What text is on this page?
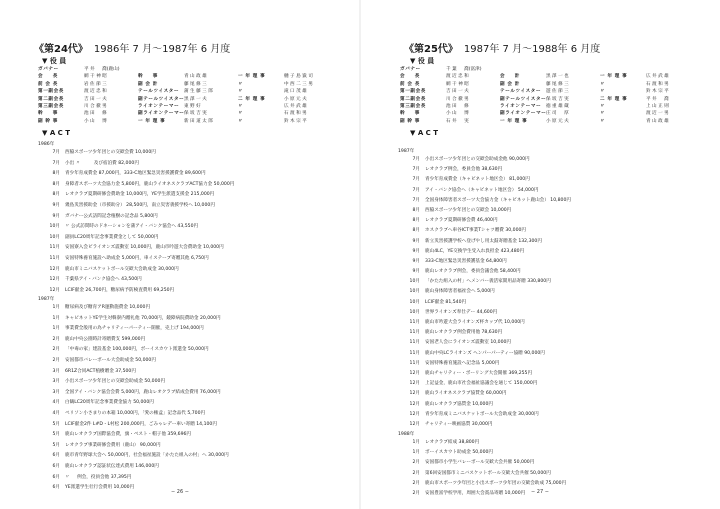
《第24代》 1986年 7 月～1987年 6 月度
▼ 役 員
ガバナー	平 井 　 喬(鹿山)
会 　 長	網 干 神 昭	幹 　 事	青 山 政 雄	一 年 理 事	樋 子 島 嶽 司
前 会 長	岩 佐 節 三	副 会 計	藤 尾 修 三	〃	中 西 二 三 男
第一副会長	渡 辺 忠 和	テールツイスター	蒲 生 藤 三 郎	〃	滝 口 茂 雄
第二副会長	吉 田 一 夫	副テールツイスター 黒 澤 一 夫	二 年 理 事	小 原 元 夫
第三副会長	川 合 徹 男	ライオンテーマー	東 野 好	〃	広 井 武 雄
幹 　 事	池 田 　 修	副ライオンテーマー 保 坂 吉 実	〃	石 渡 和 男
副 幹 事	小 山 　 博	一 年 理 事	新 田 道 太 郎	〃	鈴 木 宗 平
▼ A C T
1986年
7月	西脇スポーツ少年団との交歓会費 10,000円
7月	小出 〃 　 　 及び宿泊費 82,000円
8月	青少年育成費金 87,000円，333-C地区緊急災害援護費金 89,600円
8月	身障者スポーツ大会協力金 5,800円，鹿山ライオネスクラブACT協力金 50,000円
8月	レオクラブ夏期研修会費助金 10,000円，YE学生派遣支援金 215,000円
9月	幾島災害援助金（市援助分） 28,500円，南立災害義援学校へ 10,000円
9月	ガバナー公式訪問記念植樹の記念品 5,800円
10月	〃 公式訪問時のドネーションを蒲アイ・バンク協会へ 43,550円
10月	副員LC20周年記念事業費金として 50,000円
11月	安国寮入会ビライオンズ震動室 10,000円，鹿山市吟遊大会費助金 10,000円
11月	安国特殊養育施設へ助成金 5,000円，車イステーブ寄贈其他 6,750円
12月	鹿山市ミニバスケットボール交歓大会助成金 30,000円
12月	千葉県アイ・バンク協会へ 43,500円
12月	LCIF献金 26,700円，糖尿病予防検査費用 69,250円
1987年
1月	糖尿病及び糖育アR運動施費金 10,000円
1月	キャピネットYE学生対韓寮内贈礼他 70,000円，鏡障病院費助金 20,000円
1月	事業費全般用の為チャリティーパーティー開催，売上げ 194,000円
2月	鹿山中央公園時計寄贈費支 599,000円
2月	「中毒の家」建設基金 100,000円，ボーイスカウト派遣金 50,000円
2月	安国都市バレーボール大会助成金 50,000円
3月	6R1Z合同ACT植樹贈金 37,500円
3月	小出スポーツ少年団との交歓会助成金 50,000円
3月	全国アイ・バンク協会会費 5,000円，鹿山レオクラブ結成会費用 76,000円
4月	白鶴LC20周年記念事業費金協力 50,000円
4月	ペリソン小さまりの本箱 10,000円，「愛の権盒」記念品代 5,700円
5月	LCIF献金2件 L#D・L村松 200,000円，ごみゃレデー車い寄贈 14,100円
5月	鹿山レオクラブ国際協会費，旗・ベスト・帽子他 359,696円
5月	レオクラブ事業研修会費用（鹿山） 90,000円
6月	鹿市青年野球大会へ 50,000円，社会福祉施設「かたた組入の村」へ 30,000円
6月	鹿山レオクラブ認証状伝達式費用 146,000円
6月	〃 　 例会，役員会他 37,395円
6月	YE派遣学生壮行会費用 10,000円
− 26 −
《第25代》 1987年 7 月～1988年 6 月度
▼ 役 員
ガバナー	千 葉 　 喬(富津)
会 　 長	渡 辺 忠 和	会 　 計	黒 澤 一 也	一 年 理 事	広 井 武 雄
前 会 長	網 干 神 昭	副 会 計	藤 尾 修 三	〃	石 渡 和 男
第一副会長	吉 田 一 夫	テールツイスター	遊 佐 節 三	〃	鈴 木 宗 平
第二副会長	川 合 徹 男	副テールツイスター 保 坂 吉 実	二 年 理 事	平 井 　 喬
第三副会長	池 田 　 修	ライオンテーマー	徳 重 雄 蔵	〃	上 山 正 則
幹 　 事	小 山 　 博	副ライオンテーマー 庄 司 　 厚	〃	渡 辺 一 男
副 幹 事	石 井 　 実	一 年 理 事	小 原 元 夫	〃	青 山 政 雄
▼ A C T
1987年
7月	小出スポーツ少年団との交歓会助成金他 90,000円
7月	レオクラブ例会，委員会他 38,630円
7月	青少年育成費金（キャビネット地区会） 81,000円
7月	アイ・バンク協会へ（キャビネット地区会） 54,000円
7月	全国身体障害者スポーツ大会協力金（キャビネット鹿山会） 10,800円
8月	西脇スポーツ少年団との交歓会 10,000円
8月	レオクラブ夏期研修会費 46,400円
8月	ホスクラブへ車谷ICT事業Tシャツ贈費 30,000円
9月	新立災害援護学校へ登げやし用太鼓寄贈基金 132,300円
9月	鹿山4LC，YE交換学生受入れ負担金 423,480円
9月	333-C地区緊急災害援護基金 64,800円
9月	鹿山レオクラブ例会，委員会議会他 58,400円
10月	「かたた組入の村」へメンバー義活家閑用品寄贈 330,800円
10月	鹿山身体障害者福祉会へ 5,000円
10月	LCIF献金 81,540円
10月	世界ライオンズ奉仕デー 44,600円
11月	鹿山市吟遊大会ライオンズ杯カップ代 10,000円
11月	鹿山レオクラブ例会費用他 78,630円
11月	安国老人会にライオンズ震動室 10,000円
11月	鹿山中央LCライオンズ ヘンパーパーティー協贈 90,000円
11月	安国特殊養育施設へ記念品 5,000円
12月	鹿山チャリティー・ボーリング大会開催 369,255円
12月	上記益金，鹿山市社会福祉協議会を通じて 150,000円
12月	鹿山ライオネスクラブ協賛金 60,000円
12月	鹿山レオクラブ協賛金 10,000円
12月	青少年育成ミニバスケットボール大会助成金 30,000円
12月	チャリティー映画協賛 30,000円
1988年
1月	レオクラブ結成 38,800円
1月	ボーイスカウト助成金 50,000円
2月	安国都市小学生バレーボール交歓大会共催 50,000円
2月	第6回安国都市ミニバスケットボール交歓大会共催 50,000円
2月	鹿山市スポーツ少年団と小出スポーツ少年団の交歓会助成 75,000円
2月	安国豊富学校学用，周囲大会賞品寄贈 10,000円	− 27 −
